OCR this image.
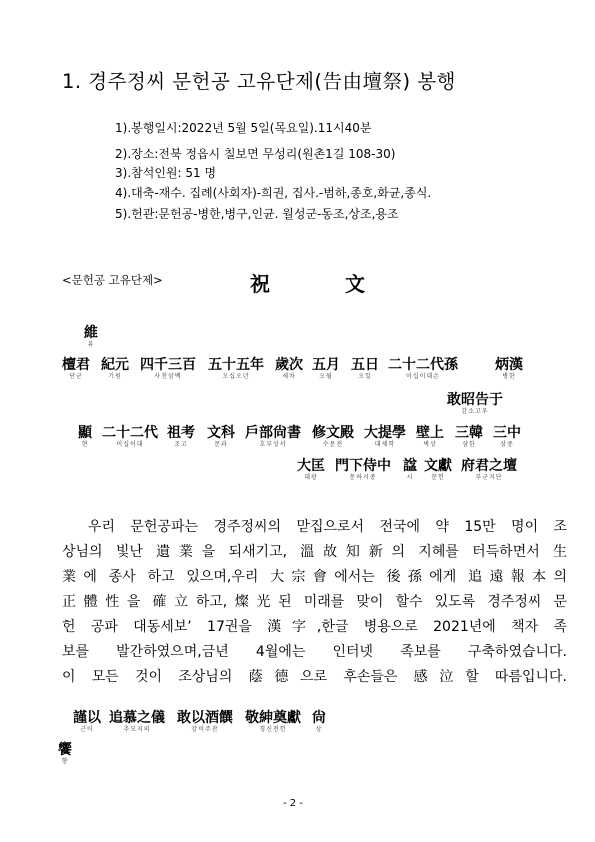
1. 경주정씨 문헌공 고유단제(告由壇祭) 봉행
1).봉행일시:2022년 5월 5일(목요일).11시40분
2).장소:전북 정읍시 칠보면 무성리(원촌1길 108-30)
3).참석인원: 51 명
4).대축-재수. 집례(사회자)-희권, 집사.-범하,종호,화균,종식.
5).헌관:문헌공-병한,병구,인균. 월성군-동조,상조,용조
<문헌공 고유단제>	祝 文
維
유
檀君
단군
紀元
기원
四千三百
사천삼백
五十五年
오십오년
歲次
세차
五月
오월
五日
오일
二十二代孫
이십이대손
炳漢
병한
敢昭告于
감소고우
顯
현
二十二代
이십이대
祖考
조고
文科
문과
戶部尙書
호부상서
修文殿
수문전
大提學
대제학
壁上
벽상
三韓
삼한
三中
삼중
大匡
대광
門下侍中
문하시중
諡
시
文獻
문헌
府君之壇
부군지단
우리 문헌공파는 경주정씨의 맏집으로서 전국에 약 15만 명이 조
상님의 빛난 遺業을 되새기고, 溫故知新의 지혜를 터득하면서 生
業에 종사 하고 있으며,우리 大宗會에서는 後孫에게 追遠報本의
正體性을 確立하고,燦光된 미래를 맞이 할수 있도록 경주정씨 문
헌 공파 대동세보’ 17권을 漢字,한글 병용으로 2021년에 책자 족
보를 발간하였으며,금년 4월에는 인터넷 족보를 구축하였습니다.
이 모든 것이 조상님의 蔭德으로 후손들은 感泣할 따름입니다.
謹以
근이
追慕之儀
추모지의
敢以酒饌
감이주찬
敬紳奠獻
경신전헌
尙
상
饗
향
- 2 -
